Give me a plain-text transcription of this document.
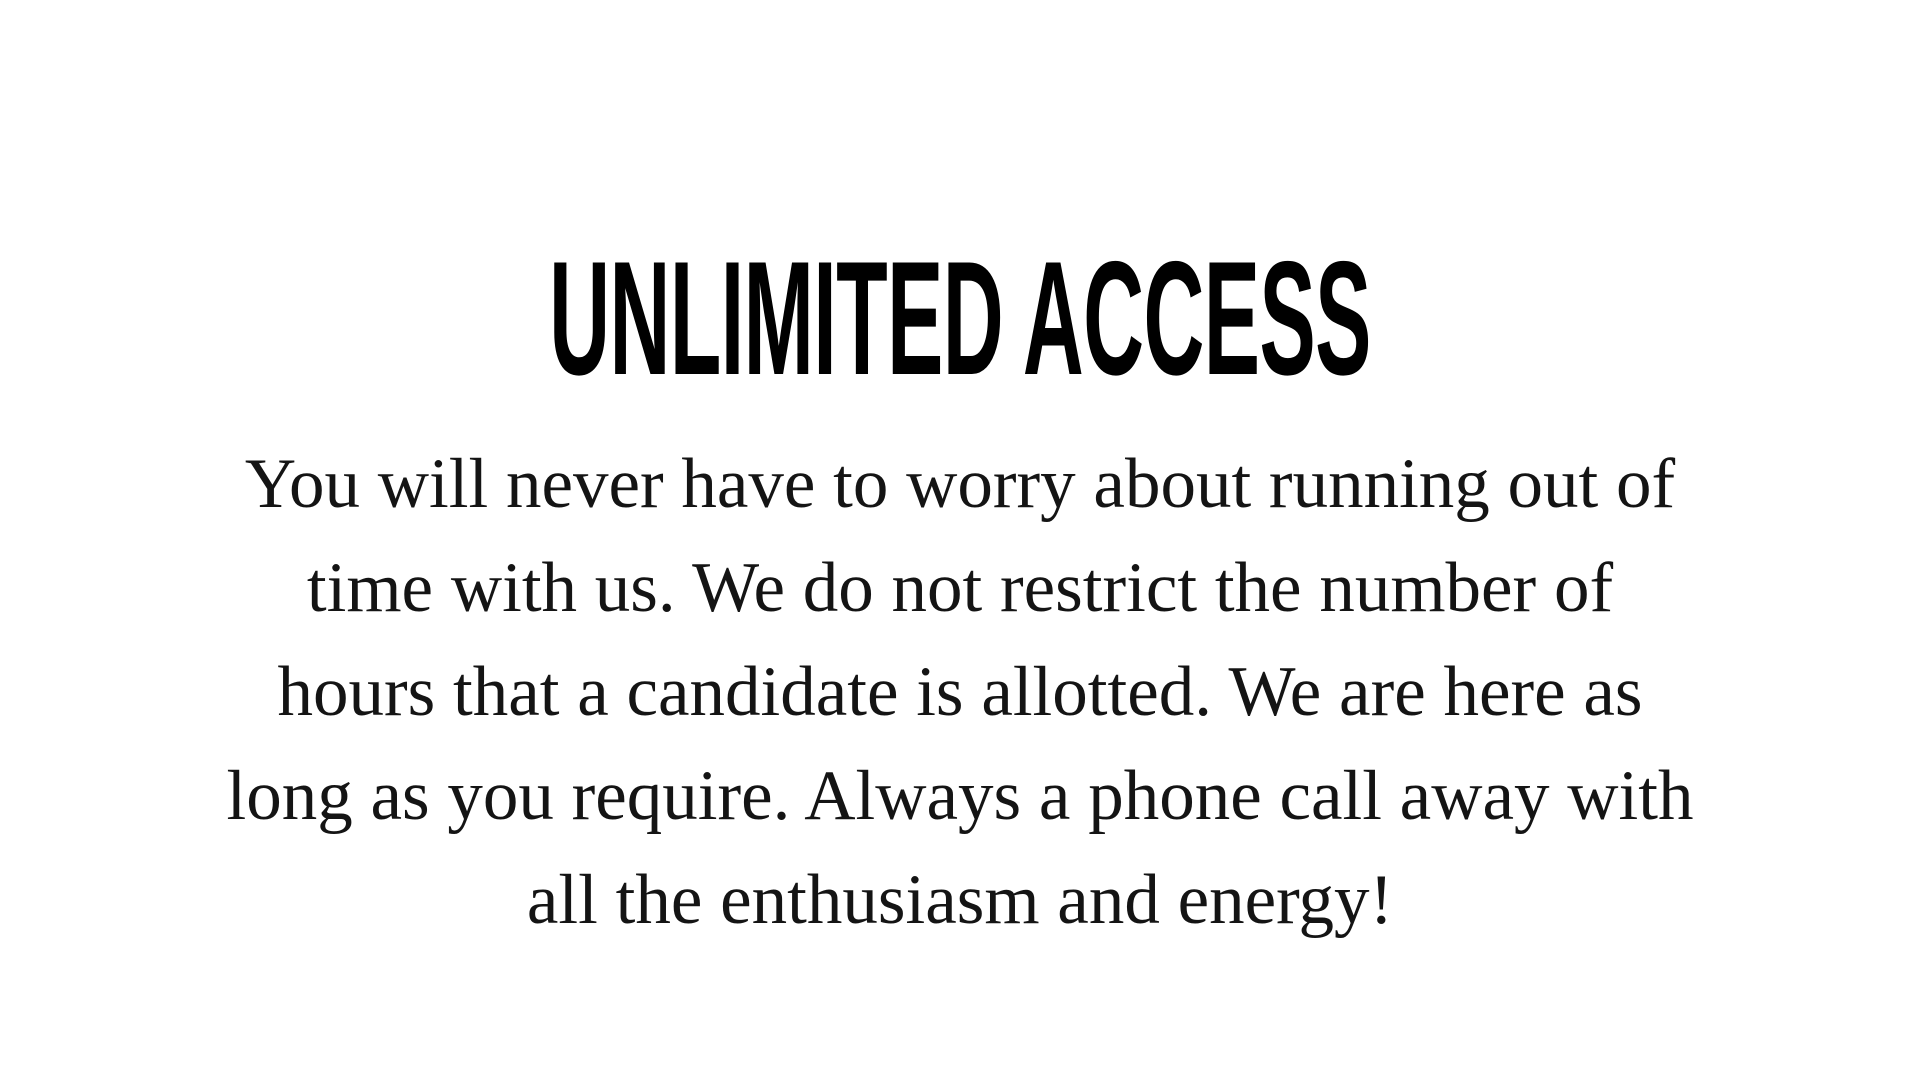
UNLIMITED ACCESS
You will never have to worry about running out of
time with us. We do not restrict the number of
hours that a candidate is allotted. We are here as
long as you require. Always a phone call away with
all the enthusiasm and energy!
